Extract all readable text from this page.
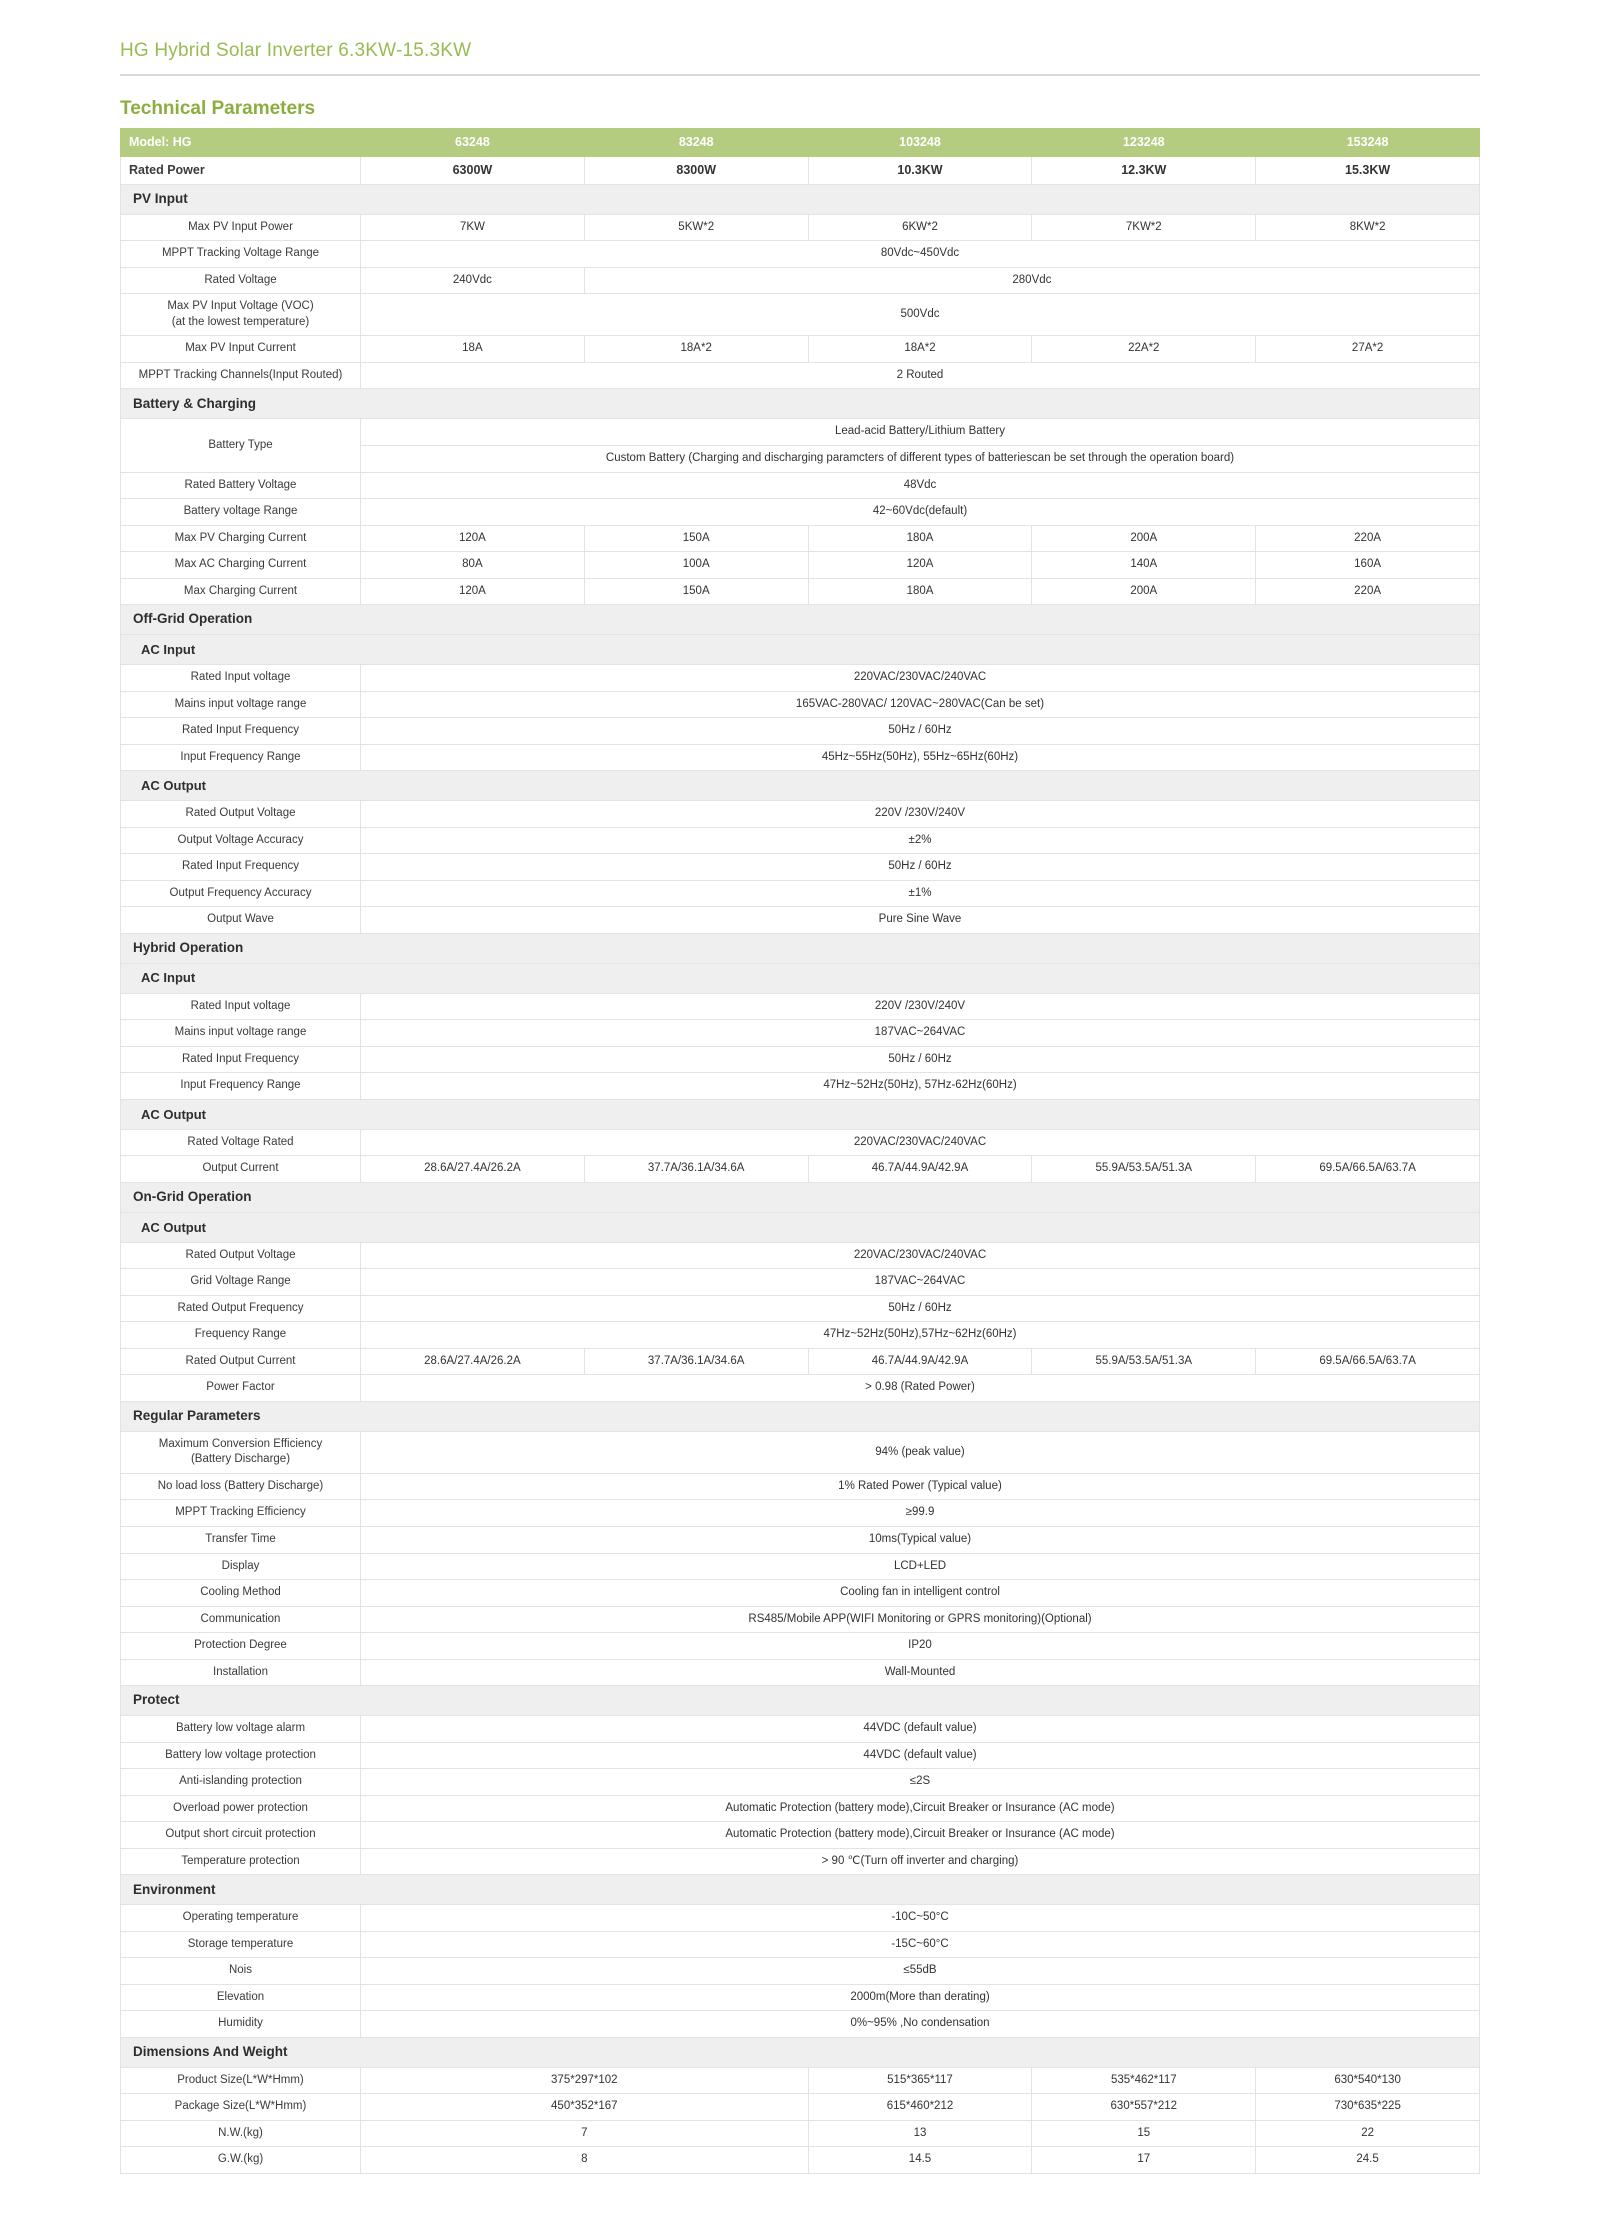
HG Hybrid Solar Inverter 6.3KW-15.3KW
Technical Parameters
Model: HG	63248	83248	103248	123248	153248
Rated Power	6300W	8300W	10.3KW	12.3KW	15.3KW
PV Input					
Max PV Input Power	7KW	5KW*2	6KW*2	7KW*2	8KW*2
MPPT Tracking Voltage Range	80Vdc~450Vdc				
Rated Voltage	240Vdc	280Vdc			
Max PV Input Voltage (VOC)
(at the lowest temperature)	500Vdc				
Max PV Input Current	18A	18A*2	18A*2	22A*2	27A*2
MPPT Tracking Channels(Input Routed)	2 Routed				
Battery & Charging					
Battery Type	Lead-acid Battery/Lithium Battery				
	Custom Battery (Charging and discharging paramcters of different types of batteriescan be set through the operation board)				
Rated Battery Voltage	48Vdc				
Battery voltage Range	42~60Vdc(default)				
Max PV Charging Current	120A	150A	180A	200A	220A
Max AC Charging Current	80A	100A	120A	140A	160A
Max Charging Current	120A	150A	180A	200A	220A
Off-Grid Operation					
AC Input					
Rated Input voltage	220VAC/230VAC/240VAC				
Mains input voltage range	165VAC-280VAC/ 120VAC~280VAC(Can be set)				
Rated Input Frequency	50Hz / 60Hz				
Input Frequency Range	45Hz~55Hz(50Hz), 55Hz~65Hz(60Hz)				
AC Output					
Rated Output Voltage	220V /230V/240V				
Output Voltage Accuracy	±2%				
Rated Input Frequency	50Hz / 60Hz				
Output Frequency Accuracy	±1%				
Output Wave	Pure Sine Wave				
Hybrid Operation					
AC Input					
Rated Input voltage	220V /230V/240V				
Mains input voltage range	187VAC~264VAC				
Rated Input Frequency	50Hz / 60Hz				
Input Frequency Range	47Hz~52Hz(50Hz), 57Hz-62Hz(60Hz)				
AC Output					
Rated Voltage Rated	220VAC/230VAC/240VAC				
Output Current	28.6A/27.4A/26.2A	37.7A/36.1A/34.6A	46.7A/44.9A/42.9A	55.9A/53.5A/51.3A	69.5A/66.5A/63.7A
On-Grid Operation					
AC Output					
Rated Output Voltage	220VAC/230VAC/240VAC				
Grid Voltage Range	187VAC~264VAC				
Rated Output Frequency	50Hz / 60Hz				
Frequency Range	47Hz~52Hz(50Hz),57Hz~62Hz(60Hz)				
Rated Output Current	28.6A/27.4A/26.2A	37.7A/36.1A/34.6A	46.7A/44.9A/42.9A	55.9A/53.5A/51.3A	69.5A/66.5A/63.7A
Power Factor	> 0.98 (Rated Power)				
Regular Parameters					
Maximum Conversion Efficiency
(Battery Discharge)	94% (peak value)				
No load loss (Battery Discharge)	1% Rated Power (Typical value)				
MPPT Tracking Efficiency	≥99.9				
Transfer Time	10ms(Typical value)				
Display	LCD+LED				
Cooling Method	Cooling fan in intelligent control				
Communication	RS485/Mobile APP(WIFI Monitoring or GPRS monitoring)(Optional)				
Protection Degree	IP20				
Installation	Wall-Mounted				
Protect					
Battery low voltage alarm	44VDC (default value)				
Battery low voltage protection	44VDC (default value)				
Anti-islanding protection	≤2S				
Overload power protection	Automatic Protection (battery mode),Circuit Breaker or Insurance (AC mode)				
Output short circuit protection	Automatic Protection (battery mode),Circuit Breaker or Insurance (AC mode)				
Temperature protection	> 90 ℃(Turn off inverter and charging)				
Environment					
Operating temperature	-10C~50°C				
Storage temperature	-15C~60°C				
Nois	≤55dB				
Elevation	2000m(More than derating)				
Humidity	0%~95% ,No condensation				
Dimensions And Weight					
Product Size(L*W*Hmm)	375*297*102		515*365*117	535*462*117	630*540*130
Package Size(L*W*Hmm)	450*352*167		615*460*212	630*557*212	730*635*225
N.W.(kg)	7		13	15	22
G.W.(kg)	8		14.5	17	24.5
